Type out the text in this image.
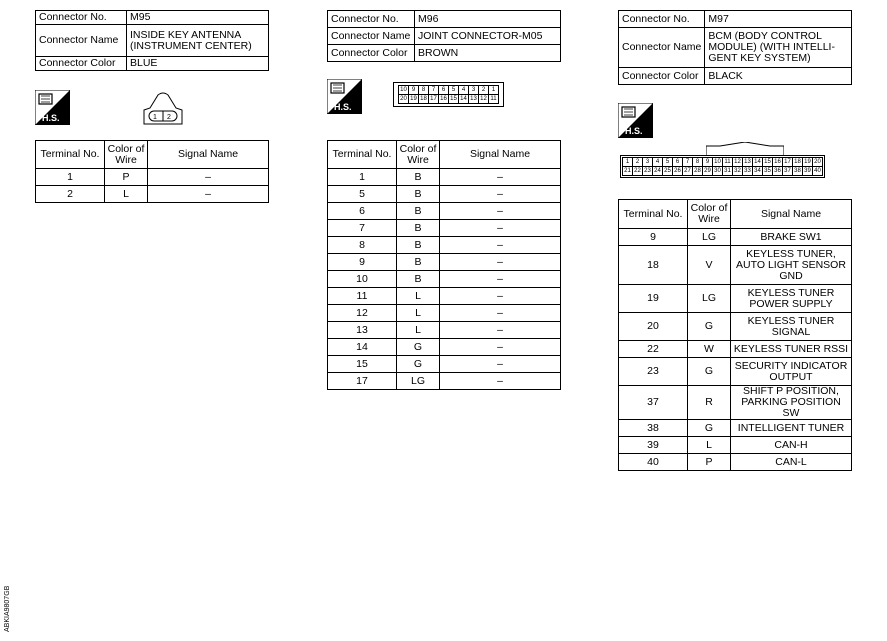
Connector No.	M95
Connector Name	INSIDE KEY ANTENNA (INSTRUMENT CENTER)
Connector Color	BLUE
H.S.	1 2
Terminal No.	Color of Wire	Signal Name
1	P	–
2	L	–
Connector No.	M96
Connector Name	JOINT CONNECTOR-M05
Connector Color	BROWN
H.S.
10	9	8	7	6	5	4	3	2	1
20	19	18	17	16	15	14	13	12	11
Terminal No.	Color of Wire	Signal Name
1	B	–
5	B	–
6	B	–
7	B	–
8	B	–
9	B	–
10	B	–
11	L	–
12	L	–
13	L	–
14	G	–
15	G	–
17	LG	–
Connector No.	M97
Connector Name	BCM (BODY CONTROL MODULE) (WITH INTELLI-GENT KEY SYSTEM)
Connector Color	BLACK
H.S.
1	2	3	4	5	6	7	8	9	10	11	12	13	14	15	16	17	18	19	20
21	22	23	24	25	26	27	28	29	30	31	32	33	34	35	36	37	38	39	40
Terminal No.	Color of Wire	Signal Name
9	LG	BRAKE SW1
18	V	KEYLESS TUNER, AUTO LIGHT SENSOR GND
19	LG	KEYLESS TUNER POWER SUPPLY
20	G	KEYLESS TUNER SIGNAL
22	W	KEYLESS TUNER RSSI
23	G	SECURITY INDICATOR OUTPUT
37	R	SHIFT P POSITION, PARKING POSITION SW
38	G	INTELLIGENT TUNER
39	L	CAN-H
40	P	CAN-L
ABKIA9807GB
